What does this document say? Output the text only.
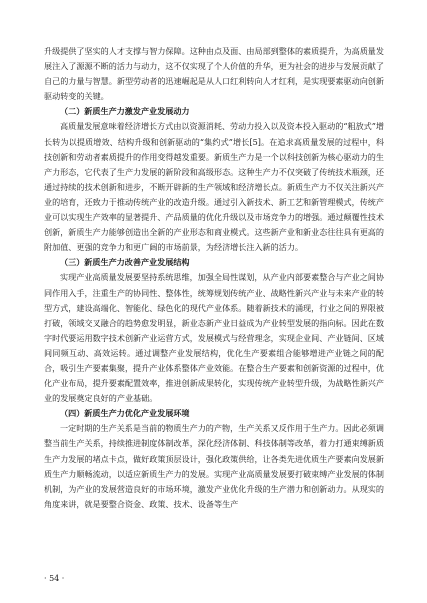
升级提供了坚实的人才支撑与智力保障。这种由点及面、由局部到整体的素质提升，为高质量发展注入了源源不断的活力与动力，这不仅实现了个人价值的升华，更为社会的进步与发展贡献了自己的力量与智慧。新型劳动者的迅速崛起是从人口红利转向人才红利，是实现要素驱动向创新驱动转变的关键。

（二）新质生产力激发产业发展动力

高质量发展意味着经济增长方式由以资源消耗、劳动力投入以及资本投入驱动的“粗放式”增长转为以提质增效、结构升级和创新驱动的“集约式”增长[5]。在追求高质量发展的过程中，科技创新和劳动者素质提升的作用变得越发重要。新质生产力是一个以科技创新为核心驱动力的生产力形态，它代表了生产力发展的新阶段和高级形态。这种生产力不仅突破了传统技术瓶颈，还通过持续的技术创新和进步，不断开辟新的生产领域和经济增长点。新质生产力不仅关注新兴产业的培育，还致力于推动传统产业的改造升级。通过引入新技术、新工艺和新管理模式，传统产业可以实现生产效率的显著提升、产品质量的优化升级以及市场竞争力的增强。通过颠覆性技术创新，新质生产力能够创造出全新的产业形态和商业模式。这些新产业和新业态往往具有更高的附加值、更强的竞争力和更广阔的市场前景，为经济增长注入新的活力。

（三）新质生产力改善产业发展结构

实现产业高质量发展要坚持系统思维，加强全局性谋划，从产业内部要素整合与产业之间协同作用入手，注重生产的协同性、整体性，统筹规划传统产业、战略性新兴产业与未来产业的转型方式，建设高端化、智能化、绿色化的现代产业体系。随着新技术的涌现，行业之间的界限被打破，领域交叉融合的趋势愈发明显，新业态新产业日益成为产业转型发展的指向标。因此在数字时代要运用数字技术创新产业运营方式，发展模式与经营理念，实现企业间、产业链间、区域间同频互动、高效运转。通过调整产业发展结构，优化生产要素组合能够增进产业链之间的配合，吸引生产要素集聚，提升产业体系整体产业效能。在整合生产要素和创新资源的过程中，优化产业布局，提升要素配置效率，推进创新成果转化，实现传统产业转型升级，为战略性新兴产业的发展奠定良好的产业基础。

（四）新质生产力优化产业发展环境

一定时期的生产关系是当前的物质生产力的产物，生产关系又反作用于生产力。因此必须调整当前生产关系，持续推进制度体制改革，深化经济体制、科技体制等改革，着力打通束缚新质生产力发展的堵点卡点，做好政策顶层设计，强化政策供给，让各类先进优质生产要素向发展新质生产力顺畅流动，以适应新质生产力的发展。实现产业高质量发展要打破束缚产业发展的体制机制，为产业的发展营造良好的市场环境，激发产业优化升级的生产潜力和创新动力。从现实的角度来讲，就是要整合资金、政策、技术、设备等生产

· 54 ·
